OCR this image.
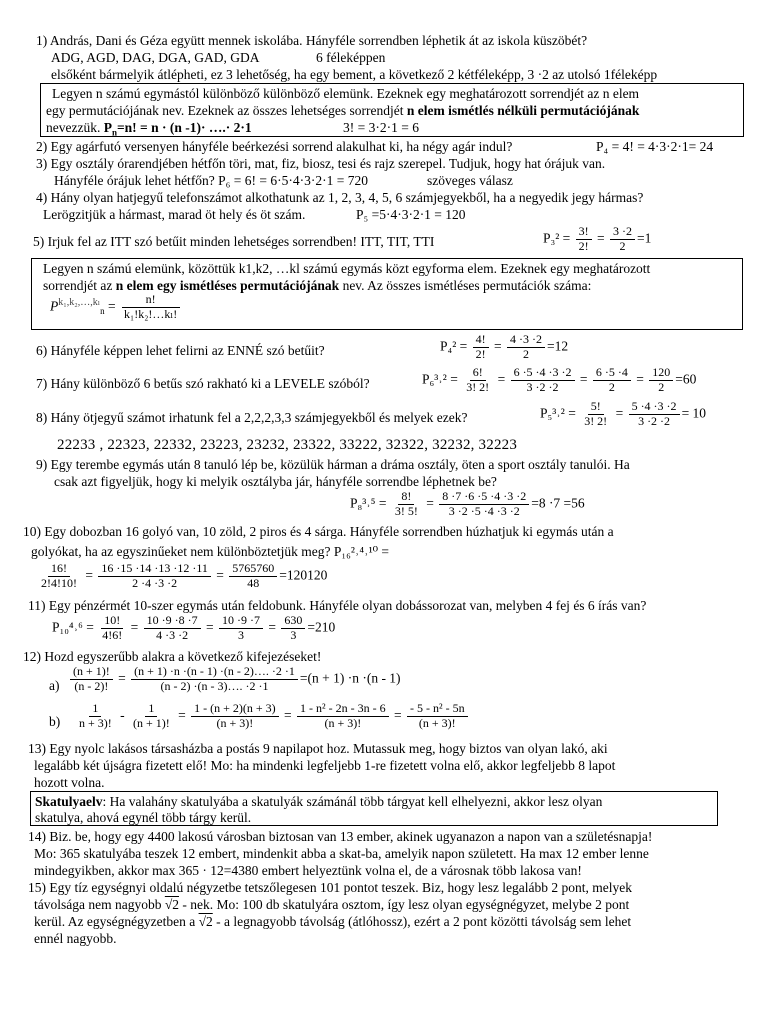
1) András, Dani és Géza együtt mennek iskolába. Hányféle sorrendben léphetik át az iskola küszöbét?
ADG, AGD, DAG, DGA, GAD, GDA	6 féleképpen
elsőként bármelyik átlépheti, ez 3 lehetőség, ha egy bement, a következő 2 kétféleképp, 3 ·2 az utolsó 1féleképp
Legyen n számú egymástól különböző különböző elemünk. Ezeknek egy meghatározott sorrendjét az n elem
egy permutációjának nev. Ezeknek az összes lehetséges sorrendjét n elem ismétlés nélküli permutációjának
nevezzük. $P_n=n$! = n · (n -1)· ….· 2·1	3! = 3·2·1 = 6
2) Egy agárfutó versenyen hányféle beérkezési sorrend alakulhat ki, ha négy agár indul?	P₄ = 4! = 4·3·2·1= 24
3) Egy osztály órarendjében hétfőn töri, mat, fiz, biosz, tesi és rajz szerepel. Tudjuk, hogy hat órájuk van.
Hányféle órájuk lehet hétfőn? P₆ = 6! = 6·5·4·3·2·1 = 720	szöveges válasz
4) Hány olyan hatjegyű telefonszámot alkothatunk az 1, 2, 3, 4, 5, 6 számjegyekből, ha a negyedik jegy hármas?
Lerögzitjük a hármast, marad öt hely és öt szám.	P₅ =5·4·3·2·1 = 120
5) Irjuk fel az ITT szó betűit minden lehetséges sorrendben! ITT, TIT, TTI	$P_3^2 = \frac{3!}{2!} = \frac{3 \cdot 2}{2} =1$
Legyen n számú elemünk, közöttük k1,k2, …kl számú egymás közt egyforma elem. Ezeknek egy meghatározott
sorrendjét az n elem egy ismétléses permutációjának nev. Az összes ismétléses permutációk száma:
$P^{k_1,k_2,\dots,k_l}_n = \frac{n!}{\text{k₁!k₂!…kₗ!}}$
6) Hányféle képpen lehet felirni az ENNÉ szó betűit?	$P_4^2 = \frac{4!}{2!} = \frac{4 \cdot 3 \cdot 2}{2} =12$
7) Hány különböző 6 betűs szó rakható ki a LEVELE szóból?	P₆³˒² = $\frac{6!}{3! 2!} = \frac{6 \cdot 5 \cdot 4 \cdot 3 \cdot 2}{3 \cdot 2 \cdot 2} = \frac{6 \cdot 5 \cdot 4}{2} = \frac{120}{2} =60$
8) Hány ötjegyű számot irhatunk fel a 2,2,2,3,3 számjegyekből és melyek ezek?	P₅³˒² = $\frac{5!}{3! 2!} = \frac{5 \cdot 4 \cdot 3 \cdot 2}{3 \cdot 2 \cdot 2} = 10$
22233 , 22323, 22332, 23223, 23232, 23322, 33222, 32322, 32232, 32223
9) Egy terembe egymás után 8 tanuló lép be, közülük hárman a dráma osztály, öten a sport osztály tanulói. Ha
csak azt figyeljük, hogy ki melyik osztályba jár, hányféle sorrendbe léphetnek be?
P₈³˒⁵ = $\frac{8!}{3! 5!} = \frac{8 \cdot 7 \cdot 6 \cdot 5 \cdot 4 \cdot 3 \cdot 2}{3 \cdot 2 \cdot 5 \cdot 4 \cdot 3 \cdot 2} =8 \cdot 7 =56$
10) Egy dobozban 16 golyó van, 10 zöld, 2 piros és 4 sárga. Hányféle sorrendben húzhatjuk ki egymás után a
golyókat, ha az egyszinűeket nem különböztetjük meg? P₁₆²˒⁴˒¹⁰ =
$\frac{16!}{2!4!10!} = \frac{16 \cdot 15 \cdot 14 \cdot 13 \cdot 12 \cdot 11}{2 \cdot 4 \cdot 3 \cdot 2} = \frac{5765760}{48} =120120$
11) Egy pénzérmét 10-szer egymás után feldobunk. Hányféle olyan dobássorozat van, melyben 4 fej és 6 írás van?
P₁₀⁴˒⁶ = $\frac{10!}{4!6!} = \frac{10 \cdot 9 \cdot 8 \cdot 7}{4 \cdot 3 \cdot 2} = \frac{10 \cdot 9 \cdot 7}{3} = \frac{630}{3} =210$
12) Hozd egyszerűbb alakra a következő kifejezéseket!
$a) \frac{(n + 1)!}{(n - 2)!} = \frac{(n + 1) \cdot n \cdot(n - 1) \cdot(n - 2)\dots. \cdot 2 \cdot 1}{(n - 2) \cdot(n - 3)\dots. \cdot 2 \cdot 1} =(n + 1) \cdot n \cdot(n - 1)$
$b) \frac{1}{n + 3)!} - \frac{1}{(n + 1)!} = \frac{1 - (n + 2)(n + 3)}{(n + 3)!} = \frac{\text{1 - n² - 2n - 3n - 6}}{(n + 3)!} = \frac{\text{- 5 - n² - 5n}}{(n + 3)!}$
13) Egy nyolc lakásos társasházba a postás 9 napilapot hoz. Mutassuk meg, hogy biztos van olyan lakó, aki
legalább két újságra fizetett elő! Mo: ha mindenki legfeljebb 1-re fizetett volna elő, akkor legfeljebb 8 lapot
hozott volna.
Skatulyaelv: Ha valahány skatulyába a skatulyák számánál több tárgyat kell elhelyezni, akkor lesz olyan
skatulya, ahová egynél több tárgy kerül.
14) Biz. be, hogy egy 4400 lakosú városban biztosan van 13 ember, akinek ugyanazon a napon van a születésnapja!
Mo: 365 skatulyába teszek 12 embert, mindenkit abba a skat-ba, amelyik napon született. Ha max 12 ember lenne
mindegyikben, akkor max 365 · 12=4380 embert helyeztünk volna el, de a városnak több lakosa van!
15) Egy tíz egységnyi oldalú négyzetbe tetszőlegesen 101 pontot teszek. Biz, hogy lesz legalább 2 pont, melyek
távolsága nem nagyobb √2 - nek. Mo: 100 db skatulyára osztom, így lesz olyan egységnégyzet, melybe 2 pont
kerül. Az egységnégyzetben a √2 - a legnagyobb távolság (átlóhossz), ezért a 2 pont közötti távolság sem lehet
ennél nagyobb.
